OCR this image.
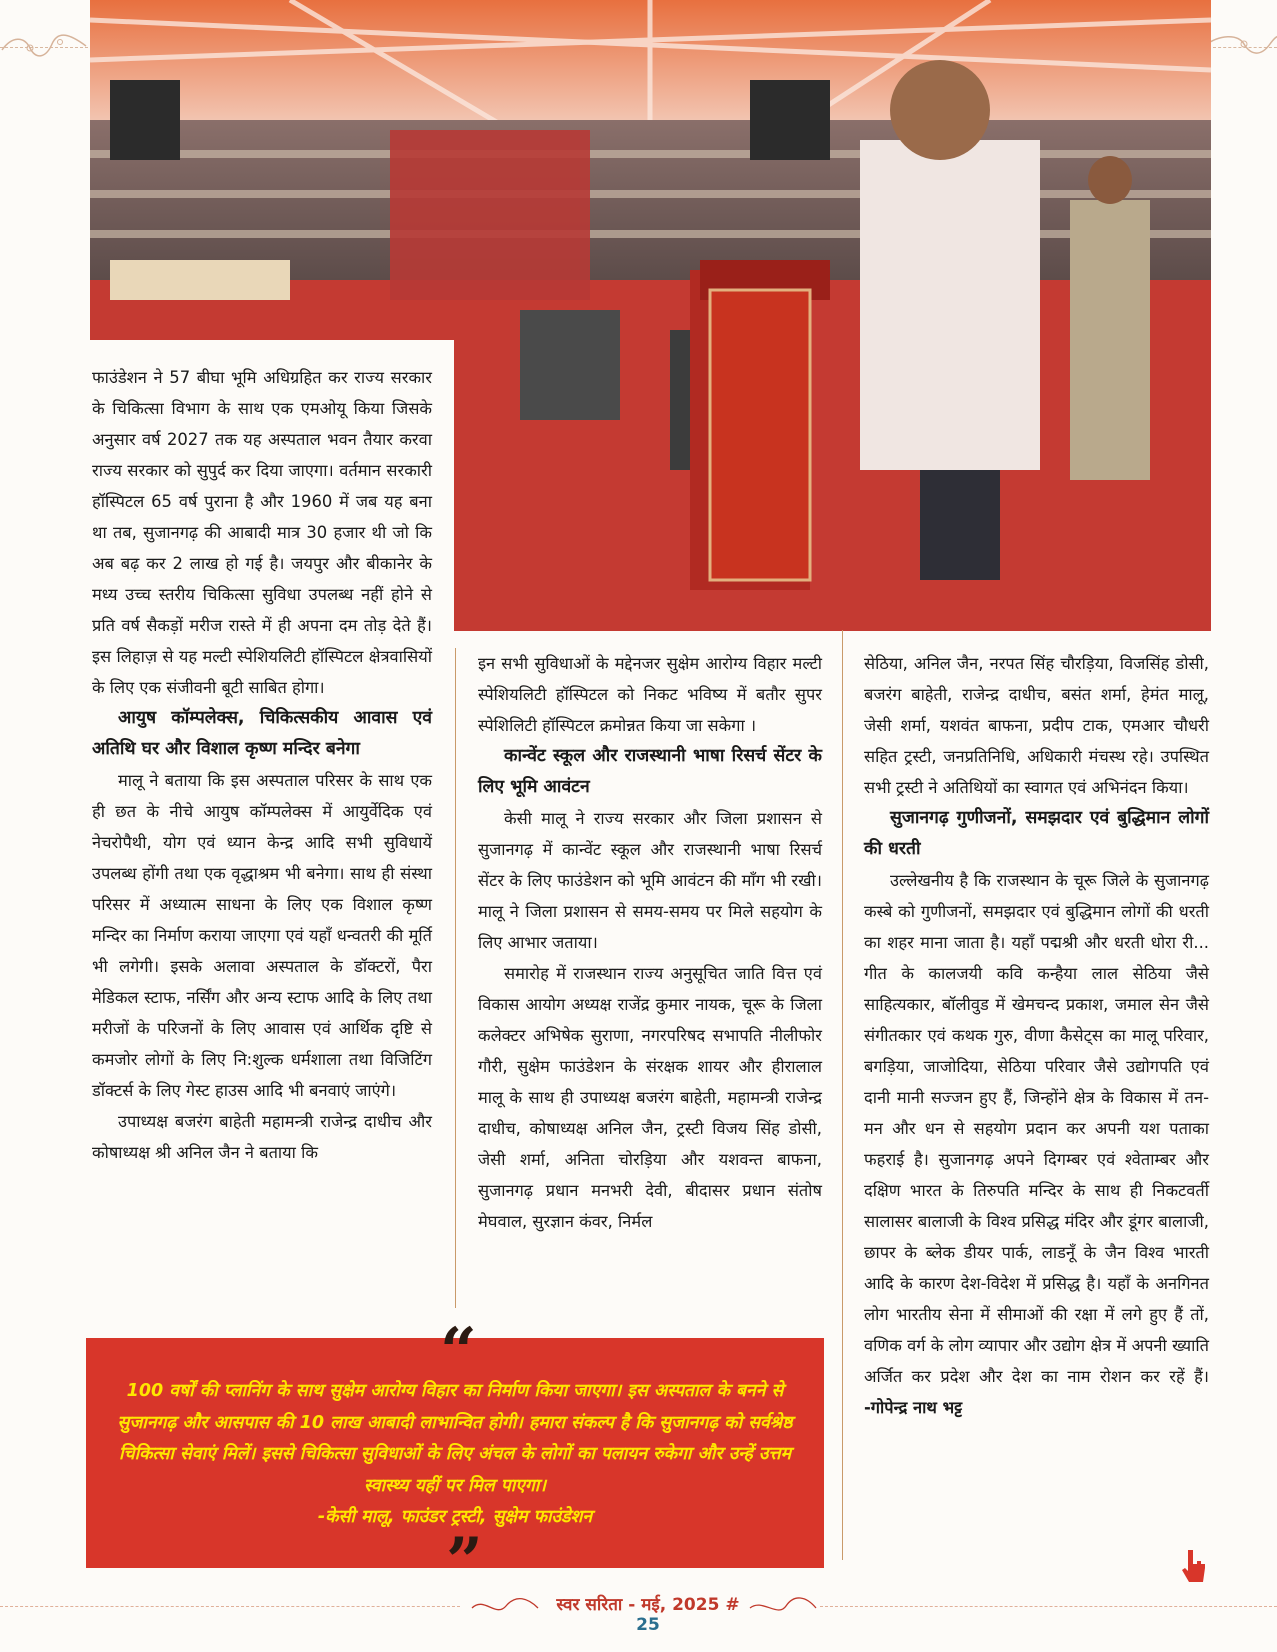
फाउंडेशन ने 57 बीघा भूमि अधिग्रहित कर राज्य सरकार के चिकित्सा विभाग के साथ एक एमओयू किया जिसके अनुसार वर्ष 2027 तक यह अस्पताल भवन तैयार करवा राज्य सरकार को सुपुर्द कर दिया जाएगा। वर्तमान सरकारी हॉस्पिटल 65 वर्ष पुराना है और 1960 में जब यह बना था तब, सुजानगढ़ की आबादी मात्र 30 हजार थी जो कि अब बढ़ कर 2 लाख हो गई है। जयपुर और बीकानेर के मध्य उच्च स्तरीय चिकित्सा सुविधा उपलब्ध नहीं होने से प्रति वर्ष सैकड़ों मरीज रास्ते में ही अपना दम तोड़ देते हैं। इस लिहाज़ से यह मल्टी स्पेशियलिटी हॉस्पिटल क्षेत्रवासियों के लिए एक संजीवनी बूटी साबित होगा।

आयुष कॉम्पलेक्स, चिकित्सकीय आवास एवं अतिथि घर और विशाल कृष्ण मन्दिर बनेगा

मालू ने बताया कि इस अस्पताल परिसर के साथ एक ही छत के नीचे आयुष कॉम्पलेक्स में आयुर्वेदिक एवं नेचरोपैथी, योग एवं ध्यान केन्द्र आदि सभी सुविधायें उपलब्ध होंगी तथा एक वृद्धाश्रम भी बनेगा। साथ ही संस्था परिसर में अध्यात्म साधना के लिए एक विशाल कृष्ण मन्दिर का निर्माण कराया जाएगा एवं यहाँ धन्वतरी की मूर्ति भी लगेगी। इसके अलावा अस्पताल के डॉक्टरों, पैरा मेडिकल स्टाफ, नर्सिंग और अन्य स्टाफ आदि के लिए तथा मरीजों के परिजनों के लिए आवास एवं आर्थिक दृष्टि से कमजोर लोगों के लिए नि:शुल्क धर्मशाला तथा विजिटिंग डॉक्टर्स के लिए गेस्ट हाउस आदि भी बनवाएं जाएंगे।

उपाध्यक्ष बजरंग बाहेती महामन्त्री राजेन्द्र दाधीच और कोषाध्यक्ष श्री अनिल जैन ने बताया कि

इन सभी सुविधाओं के मद्देनजर सुक्षेम आरोग्य विहार मल्टी स्पेशियलिटी हॉस्पिटल को निकट भविष्य में बतौर सुपर स्पेशिलिटी हॉस्पिटल क्रमोन्नत किया जा सकेगा ।

कान्वेंट स्कूल और राजस्थानी भाषा रिसर्च सेंटर के लिए भूमि आवंटन

केसी मालू ने राज्य सरकार और जिला प्रशासन से सुजानगढ़ में कान्वेंट स्कूल और राजस्थानी भाषा रिसर्च सेंटर के लिए फाउंडेशन को भूमि आवंटन की माँग भी रखी। मालू ने जिला प्रशासन से समय-समय पर मिले सहयोग के लिए आभार जताया।

समारोह में राजस्थान राज्य अनुसूचित जाति वित्त एवं विकास आयोग अध्यक्ष राजेंद्र कुमार नायक, चूरू के जिला कलेक्टर अभिषेक सुराणा, नगरपरिषद सभापति नीलीफोर गौरी, सुक्षेम फाउंडेशन के संरक्षक शायर और हीरालाल मालू के साथ ही उपाध्यक्ष बजरंग बाहेती, महामन्त्री राजेन्द्र दाधीच, कोषाध्यक्ष अनिल जैन, ट्रस्टी विजय सिंह डोसी, जेसी शर्मा, अनिता चोरड़िया और यशवन्त बाफना, सुजानगढ़ प्रधान मनभरी देवी, बीदासर प्रधान संतोष मेघवाल, सुरज्ञान कंवर, निर्मल

सेठिया, अनिल जैन, नरपत सिंह चौरड़िया, विजसिंह डोसी, बजरंग बाहेती, राजेन्द्र दाधीच, बसंत शर्मा, हेमंत मालू, जेसी शर्मा, यशवंत बाफना, प्रदीप टाक, एमआर चौधरी सहित ट्रस्टी, जनप्रतिनिधि, अधिकारी मंचस्थ रहे। उपस्थित सभी ट्रस्टी ने अतिथियों का स्वागत एवं अभिनंदन किया।

सुजानगढ़ गुणीजनों, समझदार एवं बुद्धिमान लोगों की धरती

उल्लेखनीय है कि राजस्थान के चूरू जिले के सुजानगढ़ कस्बे को गुणीजनों, समझदार एवं बुद्धिमान लोगों की धरती का शहर माना जाता है। यहाँ पद्मश्री और धरती धोरा री... गीत के कालजयी कवि कन्हैया लाल सेठिया जैसे साहित्यकार, बॉलीवुड में खेमचन्द प्रकाश, जमाल सेन जैसे संगीतकार एवं कथक गुरु, वीणा कैसेट्स का मालू परिवार, बगड़िया, जाजोदिया, सेठिया परिवार जैसे उद्योगपति एवं दानी मानी सज्जन हुए हैं, जिन्होंने क्षेत्र के विकास में तन-मन और धन से सहयोग प्रदान कर अपनी यश पताका फहराई है। सुजानगढ़ अपने दिगम्बर एवं श्वेताम्बर और दक्षिण भारत के तिरुपति मन्दिर के साथ ही निकटवर्ती सालासर बालाजी के विश्व प्रसिद्ध मंदिर और डूंगर बालाजी, छापर के ब्लेक डीयर पार्क, लाडनूँ के जैन विश्व भारती आदि के कारण देश-विदेश में प्रसिद्ध है। यहाँ के अनगिनत लोग भारतीय सेना में सीमाओं की रक्षा में लगे हुए हैं तों, वणिक वर्ग के लोग व्यापार और उद्योग क्षेत्र में अपनी ख्याति अर्जित कर प्रदेश और देश का नाम रोशन कर रहें हैं। -गोपेन्द्र नाथ भट्ट

100 वर्षों की प्लानिंग के साथ सुक्षेम आरोग्य विहार का निर्माण किया जाएगा। इस अस्पताल के बनने से सुजानगढ़ और आसपास की 10 लाख आबादी लाभान्वित होगी। हमारा संकल्प है कि सुजानगढ़ को सर्वश्रेष्ठ चिकित्सा सेवाएं मिलें। इससे चिकित्सा सुविधाओं के लिए अंचल के लोगों का पलायन रुकेगा और उन्हें उत्तम स्वास्थ्य यहीं पर मिल पाएगा।
-केसी मालू, फाउंडर ट्रस्टी, सुक्षेम फाउंडेशन
“
”
स्वर सरिता - मई, 2025 # 25
